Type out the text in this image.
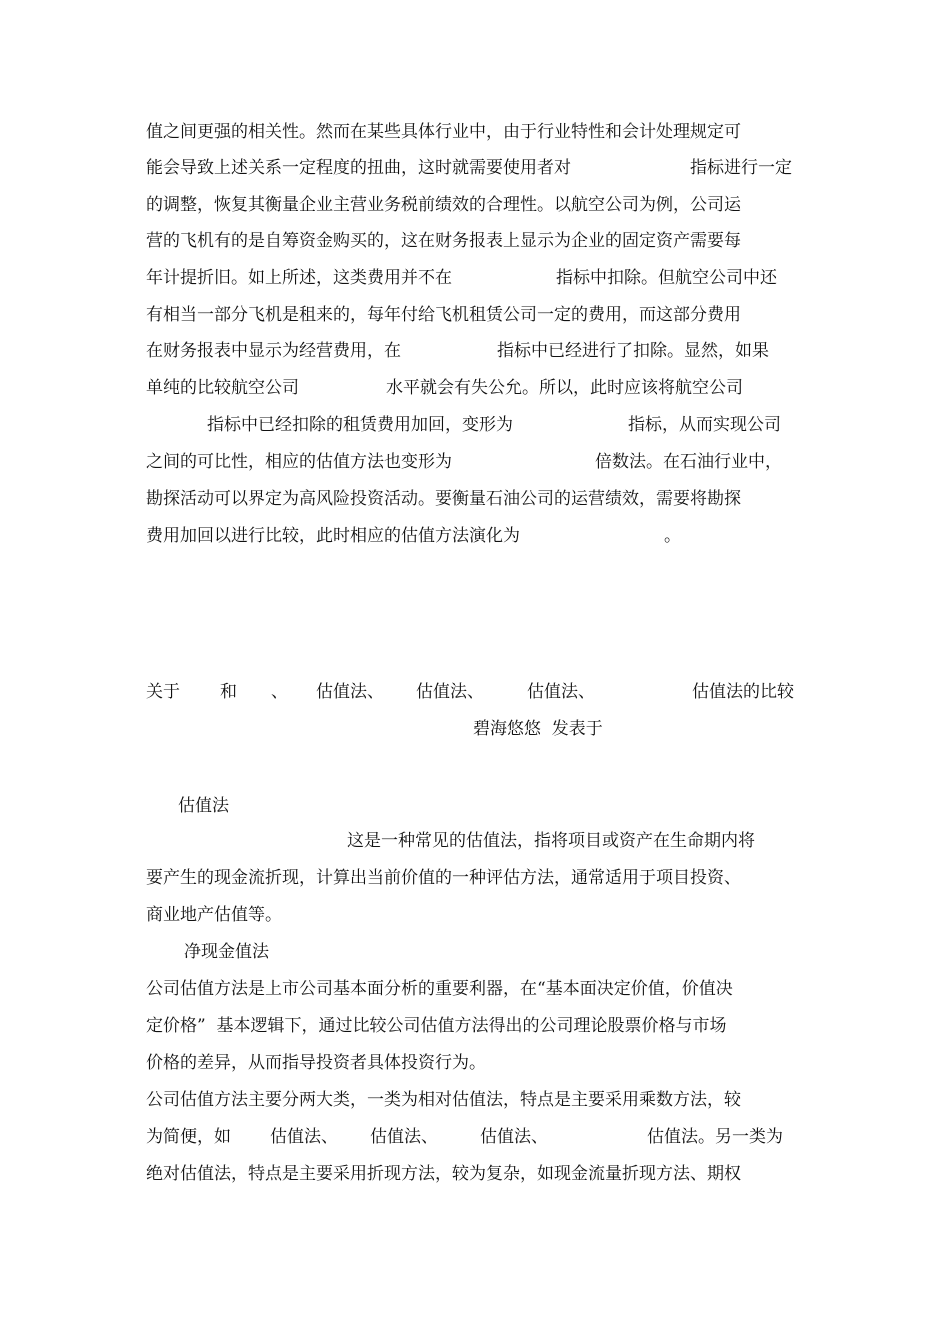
值之间更强的相关性。然而在某些具体行业中，由于行业特性和会计处理规定可
能会导致上述关系一定程度的扭曲，这时就需要使用者对	指标进行一定
的调整，恢复其衡量企业主营业务税前绩效的合理性。以航空公司为例，公司运
营的飞机有的是自筹资金购买的，这在财务报表上显示为企业的固定资产需要每
年计提折旧。如上所述，这类费用并不在	指标中扣除。但航空公司中还
有相当一部分飞机是租来的，每年付给飞机租赁公司一定的费用，而这部分费用
在财务报表中显示为经营费用，在	指标中已经进行了扣除。显然，如果
单纯的比较航空公司	水平就会有失公允。所以，此时应该将航空公司
指标中已经扣除的租赁费用加回，变形为	指标，从而实现公司
之间的可比性，相应的估值方法也变形为	倍数法。在石油行业中，
勘探活动可以界定为高风险投资活动。要衡量石油公司的运营绩效，需要将勘探
费用加回以进行比较，此时相应的估值方法演化为	。
关于 和 、 估值法、 估值法、	估值法、	估值法的比较
碧海悠悠  发表于
估值法
这是一种常见的估值法，指将项目或资产在生命期内将
要产生的现金流折现，计算出当前价值的一种评估方法，通常适用于项目投资、
商业地产估值等。
净现金值法
公司估值方法是上市公司基本面分析的重要利器，在“基本面决定价值，价值决
定价格”  基本逻辑下，通过比较公司估值方法得出的公司理论股票价格与市场
价格的差异，从而指导投资者具体投资行为。
公司估值方法主要分两大类，一类为相对估值法，特点是主要采用乘数方法，较
为简便，如 估值法、 估值法、 估值法、	估值法。另一类为
绝对估值法，特点是主要采用折现方法，较为复杂，如现金流量折现方法、期权
